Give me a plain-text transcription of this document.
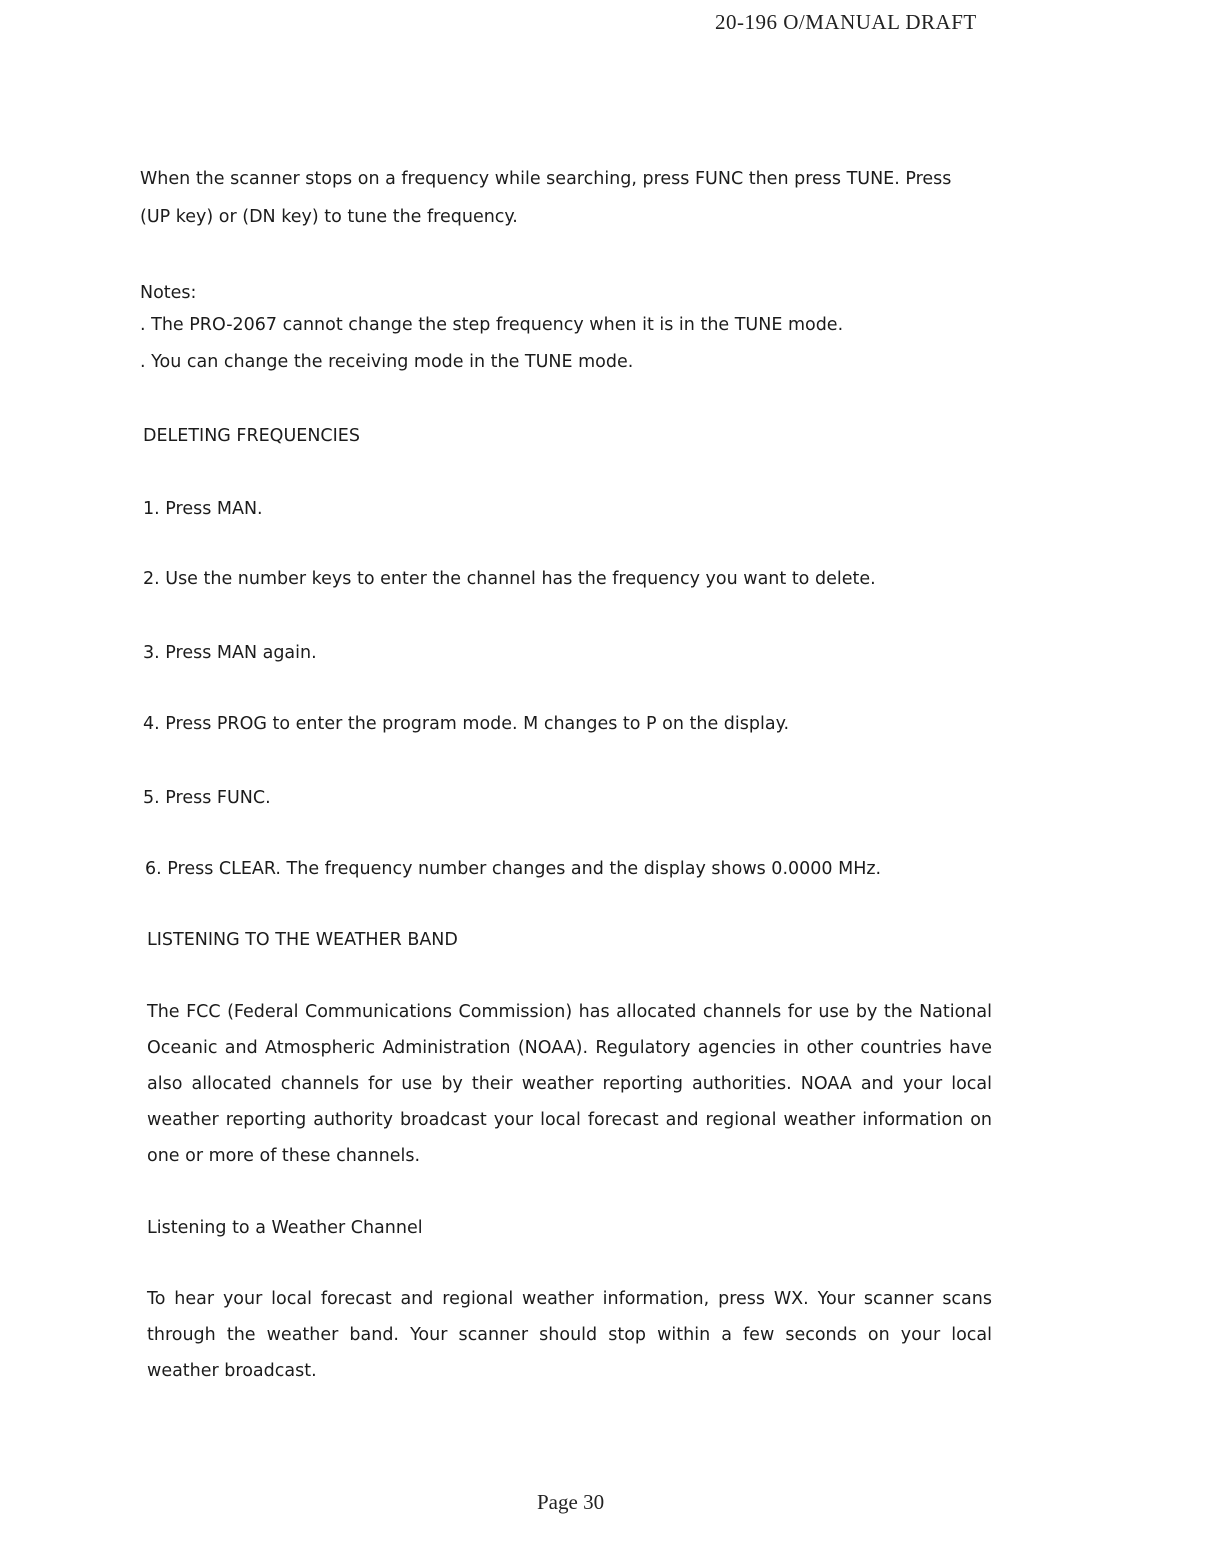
20-196 O/MANUAL DRAFT
When the scanner stops on a frequency while searching, press FUNC then press TUNE. Press
(UP key) or (DN key) to tune the frequency.
Notes:
. The PRO-2067 cannot change the step frequency when it is in the TUNE mode.
. You can change the receiving mode in the TUNE mode.
DELETING FREQUENCIES
1. Press MAN.
2. Use the number keys to enter the channel has the frequency you want to delete.
3. Press MAN again.
4. Press PROG to enter the program mode. M changes to P on the display.
5. Press FUNC.
6. Press CLEAR. The frequency number changes and the display shows 0.0000 MHz.
LISTENING TO THE WEATHER BAND
The FCC (Federal Communications Commission) has allocated channels for use by the National Oceanic and Atmospheric Administration (NOAA). Regulatory agencies in other countries have also allocated channels for use by their weather reporting authorities. NOAA and your local weather reporting authority broadcast your local forecast and regional weather information on one or more of these channels.
Listening to a Weather Channel
To hear your local forecast and regional weather information, press WX. Your scanner scans through the weather band. Your scanner should stop within a few seconds on your local weather broadcast.
Page 30
